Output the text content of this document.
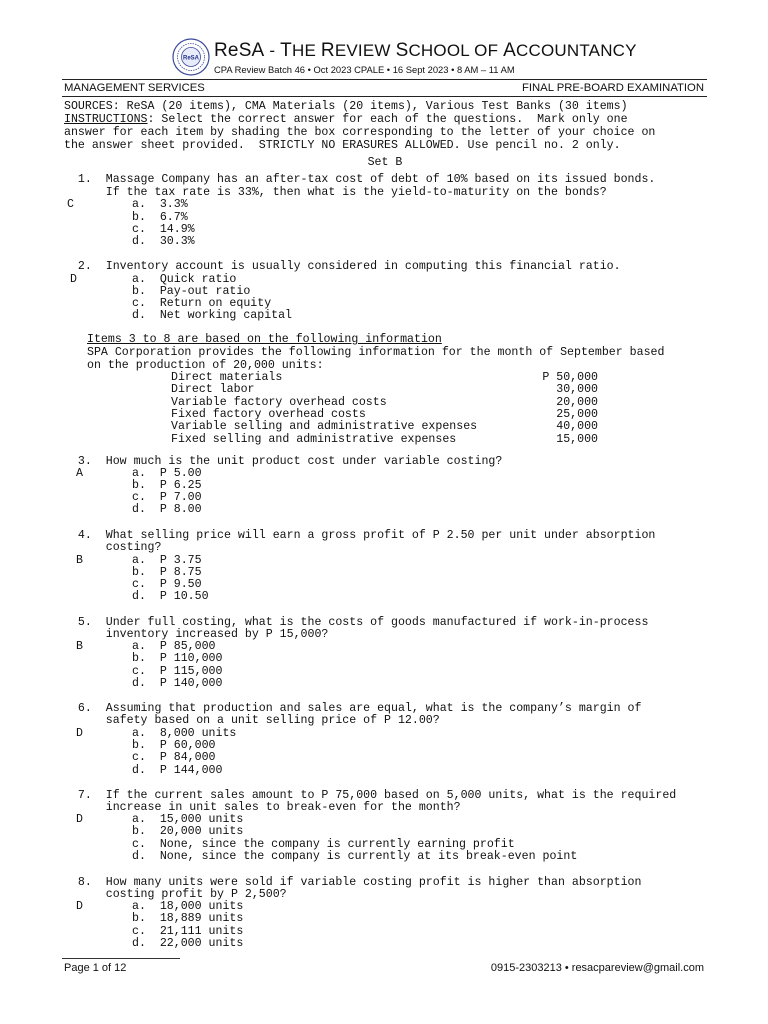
ReSA ReSA - THE REVIEW SCHOOL OF ACCOUNTANCY
CPA Review Batch 46 • Oct 2023 CPALE • 16 Sept 2023 • 8 AM – 11 AM
MANAGEMENT SERVICES	FINAL PRE-BOARD EXAMINATION
SOURCES: ReSA (20 items), CMA Materials (20 items), Various Test Banks (30 items)
INSTRUCTIONS: Select the correct answer for each of the questions.  Mark only one
answer for each item by shading the box corresponding to the letter of your choice on
the answer sheet provided.  STRICTLY NO ERASURES ALLOWED. Use pencil no. 2 only.
Set B
1.  Massage Company has an after-tax cost of debt of 10% based on its issued bonds.
If the tax rate is 33%, then what is the yield-to-maturity on the bonds?
C	a.  3.3%
b.  6.7%
c.  14.9%
d.  30.3%
2.  Inventory account is usually considered in computing this financial ratio.
D	a.  Quick ratio
b.  Pay-out ratio
c.  Return on equity
d.  Net working capital
Items 3 to 8 are based on the following information
SPA Corporation provides the following information for the month of September based
on the production of 20,000 units:
Direct materials	P 50,000
Direct labor	30,000
Variable factory overhead costs	20,000
Fixed factory overhead costs	25,000
Variable selling and administrative expenses	40,000
Fixed selling and administrative expenses	15,000
3.  How much is the unit product cost under variable costing?
A	a.  P 5.00
b.  P 6.25
c.  P 7.00
d.  P 8.00
4.  What selling price will earn a gross profit of P 2.50 per unit under absorption
costing?
B	a.  P 3.75
b.  P 8.75
c.  P 9.50
d.  P 10.50
5.  Under full costing, what is the costs of goods manufactured if work-in-process
inventory increased by P 15,000?
B	a.  P 85,000
b.  P 110,000
c.  P 115,000
d.  P 140,000
6.  Assuming that production and sales are equal, what is the company’s margin of
safety based on a unit selling price of P 12.00?
D	a.  8,000 units
b.  P 60,000
c.  P 84,000
d.  P 144,000
7.  If the current sales amount to P 75,000 based on 5,000 units, what is the required
increase in unit sales to break-even for the month?
D	a.  15,000 units
b.  20,000 units
c.  None, since the company is currently earning profit
d.  None, since the company is currently at its break-even point
8.  How many units were sold if variable costing profit is higher than absorption
costing profit by P 2,500?
D	a.  18,000 units
b.  18,889 units
c.  21,111 units
d.  22,000 units
Page 1 of 12	0915-2303213 • resacpareview@gmail.com
